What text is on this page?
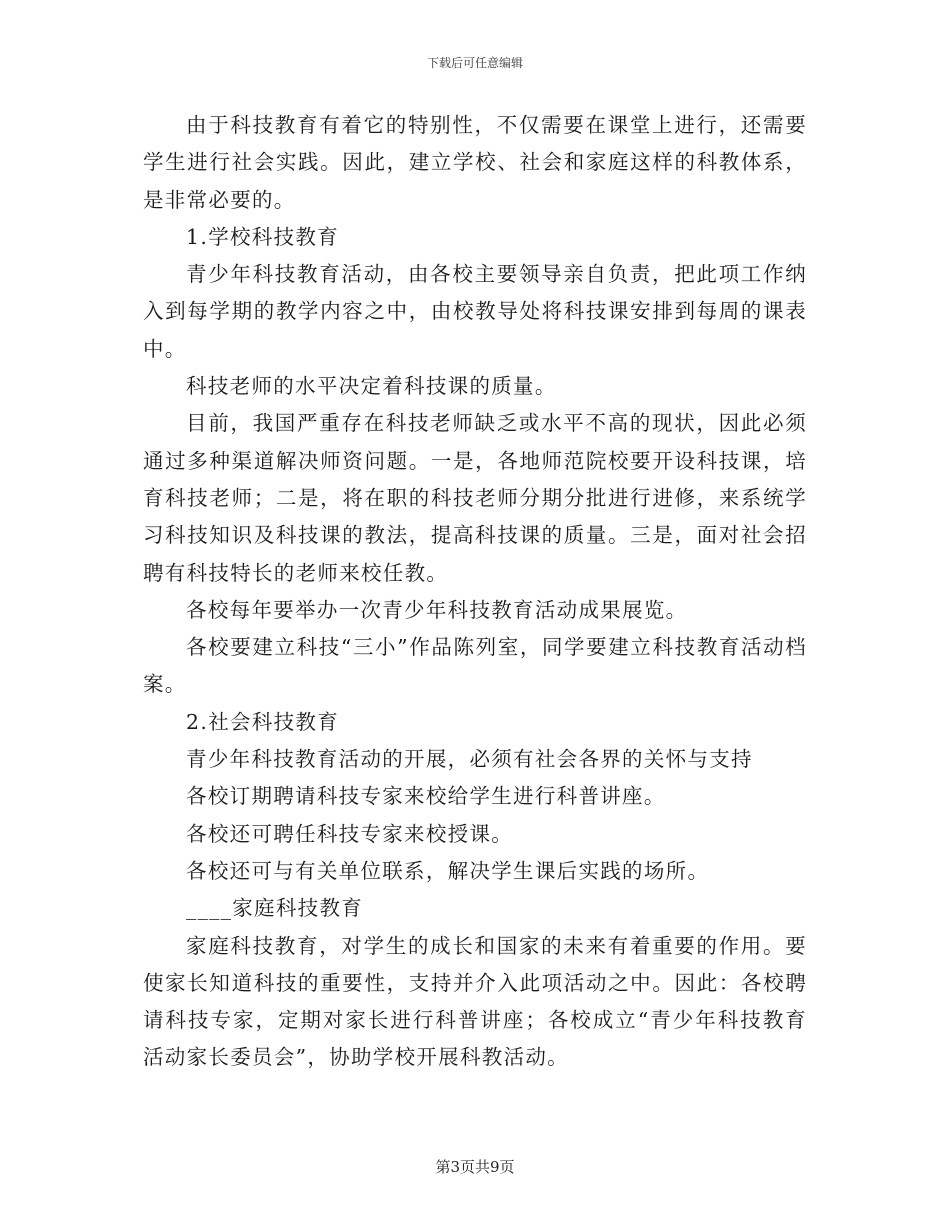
下载后可任意编辑

由于科技教育有着它的特别性，不仅需要在课堂上进行，还需要学生进行社会实践。因此，建立学校、社会和家庭这样的科教体系，是非常必要的。

1.学校科技教育

青少年科技教育活动，由各校主要领导亲自负责，把此项工作纳入到每学期的教学内容之中，由校教导处将科技课安排到每周的课表中。

科技老师的水平决定着科技课的质量。

目前，我国严重存在科技老师缺乏或水平不高的现状，因此必须通过多种渠道解决师资问题。一是，各地师范院校要开设科技课，培育科技老师；二是，将在职的科技老师分期分批进行进修，来系统学习科技知识及科技课的教法，提高科技课的质量。三是，面对社会招聘有科技特长的老师来校任教。

各校每年要举办一次青少年科技教育活动成果展览。

各校要建立科技“三小”作品陈列室，同学要建立科技教育活动档案。

2.社会科技教育

青少年科技教育活动的开展，必须有社会各界的关怀与支持

各校订期聘请科技专家来校给学生进行科普讲座。

各校还可聘任科技专家来校授课。

各校还可与有关单位联系，解决学生课后实践的场所。

____家庭科技教育

家庭科技教育，对学生的成长和国家的未来有着重要的作用。要使家长知道科技的重要性，支持并介入此项活动之中。因此：各校聘请科技专家，定期对家长进行科普讲座；各校成立“青少年科技教育活动家长委员会”，协助学校开展科教活动。

第3页共9页
